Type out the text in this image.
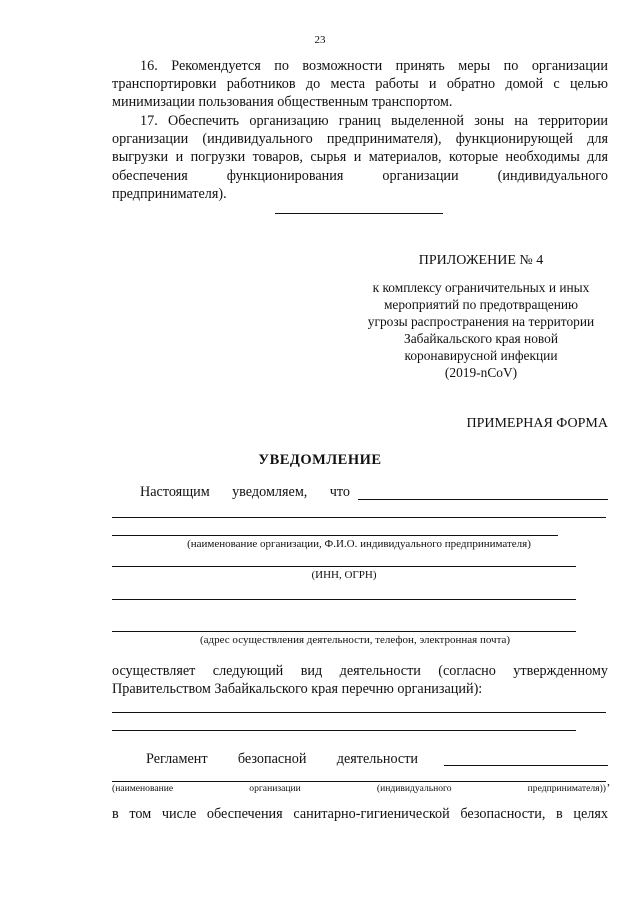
23
16. Рекомендуется по возможности принять меры по организации транспортировки работников до места работы и обратно домой с целью минимизации пользования общественным транспортом.
17. Обеспечить организацию границ выделенной зоны на территории организации (индивидуального предпринимателя), функционирующей для выгрузки и погрузки товаров, сырья и материалов, которые необходимы для обеспечения функционирования организации (индивидуального предпринимателя).
ПРИЛОЖЕНИЕ № 4
к комплексу ограничительных и иных
мероприятий по предотвращению
угрозы распространения на территории
Забайкальского края новой
коронавирусной инфекции
(2019-nCoV)
ПРИМЕРНАЯ ФОРМА
УВЕДОМЛЕНИЕ
Настоящим уведомляем, что
(наименование организации, Ф.И.О. индивидуального предпринимателя)
(ИНН, ОГРН)
(адрес осуществления деятельности, телефон, электронная почта)
осуществляет следующий вид деятельности (согласно утвержденному Правительством Забайкальского края перечню организаций):
Регламент безопасной деятельности
,
(наименование	организации	(индивидуального	предпринимателя))
в том числе обеспечения санитарно-гигиенической безопасности, в целях
